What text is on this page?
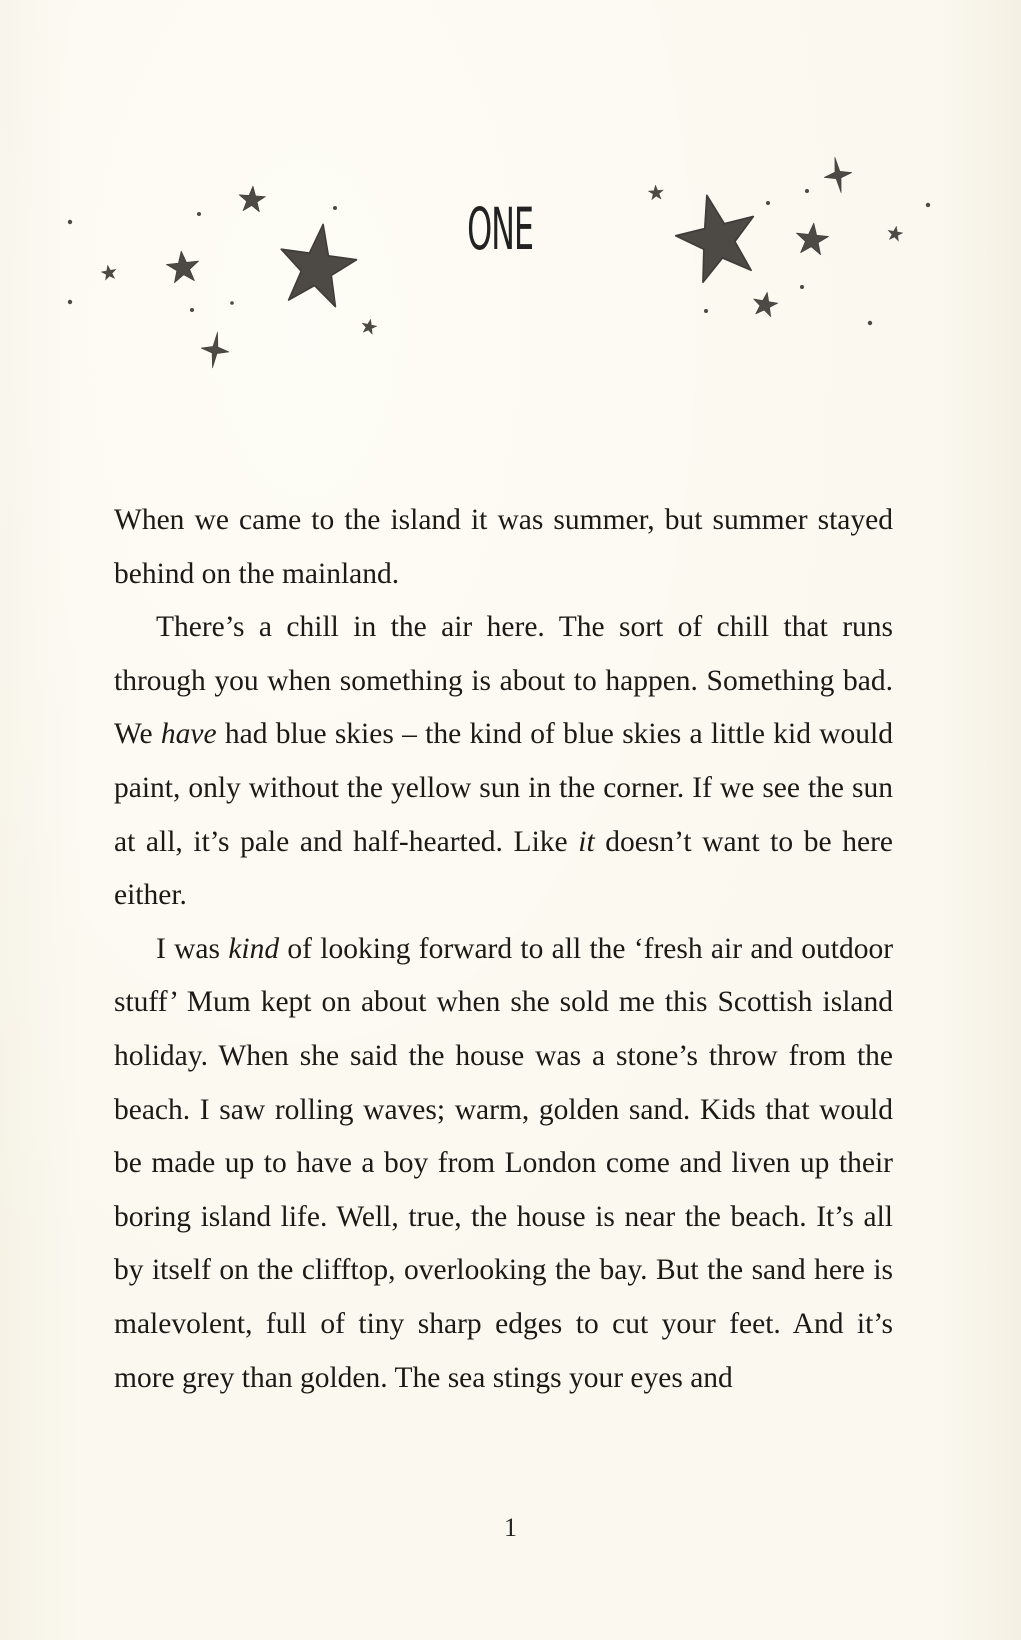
ONE

When we came to the island it was summer, but summer stayed behind on the mainland.

There’s a chill in the air here. The sort of chill that runs through you when something is about to happen. Something bad. We have had blue skies – the kind of blue skies a little kid would paint, only without the yellow sun in the corner. If we see the sun at all, it’s pale and half-hearted. Like it doesn’t want to be here either.

I was kind of looking forward to all the ‘fresh air and outdoor stuff’ Mum kept on about when she sold me this Scottish island holiday. When she said the house was a stone’s throw from the beach. I saw rolling waves; warm, golden sand. Kids that would be made up to have a boy from London come and liven up their boring island life. Well, true, the house is near the beach. It’s all by itself on the clifftop, overlooking the bay. But the sand here is malevolent, full of tiny sharp edges to cut your feet. And it’s more grey than golden. The sea stings your eyes and

1
